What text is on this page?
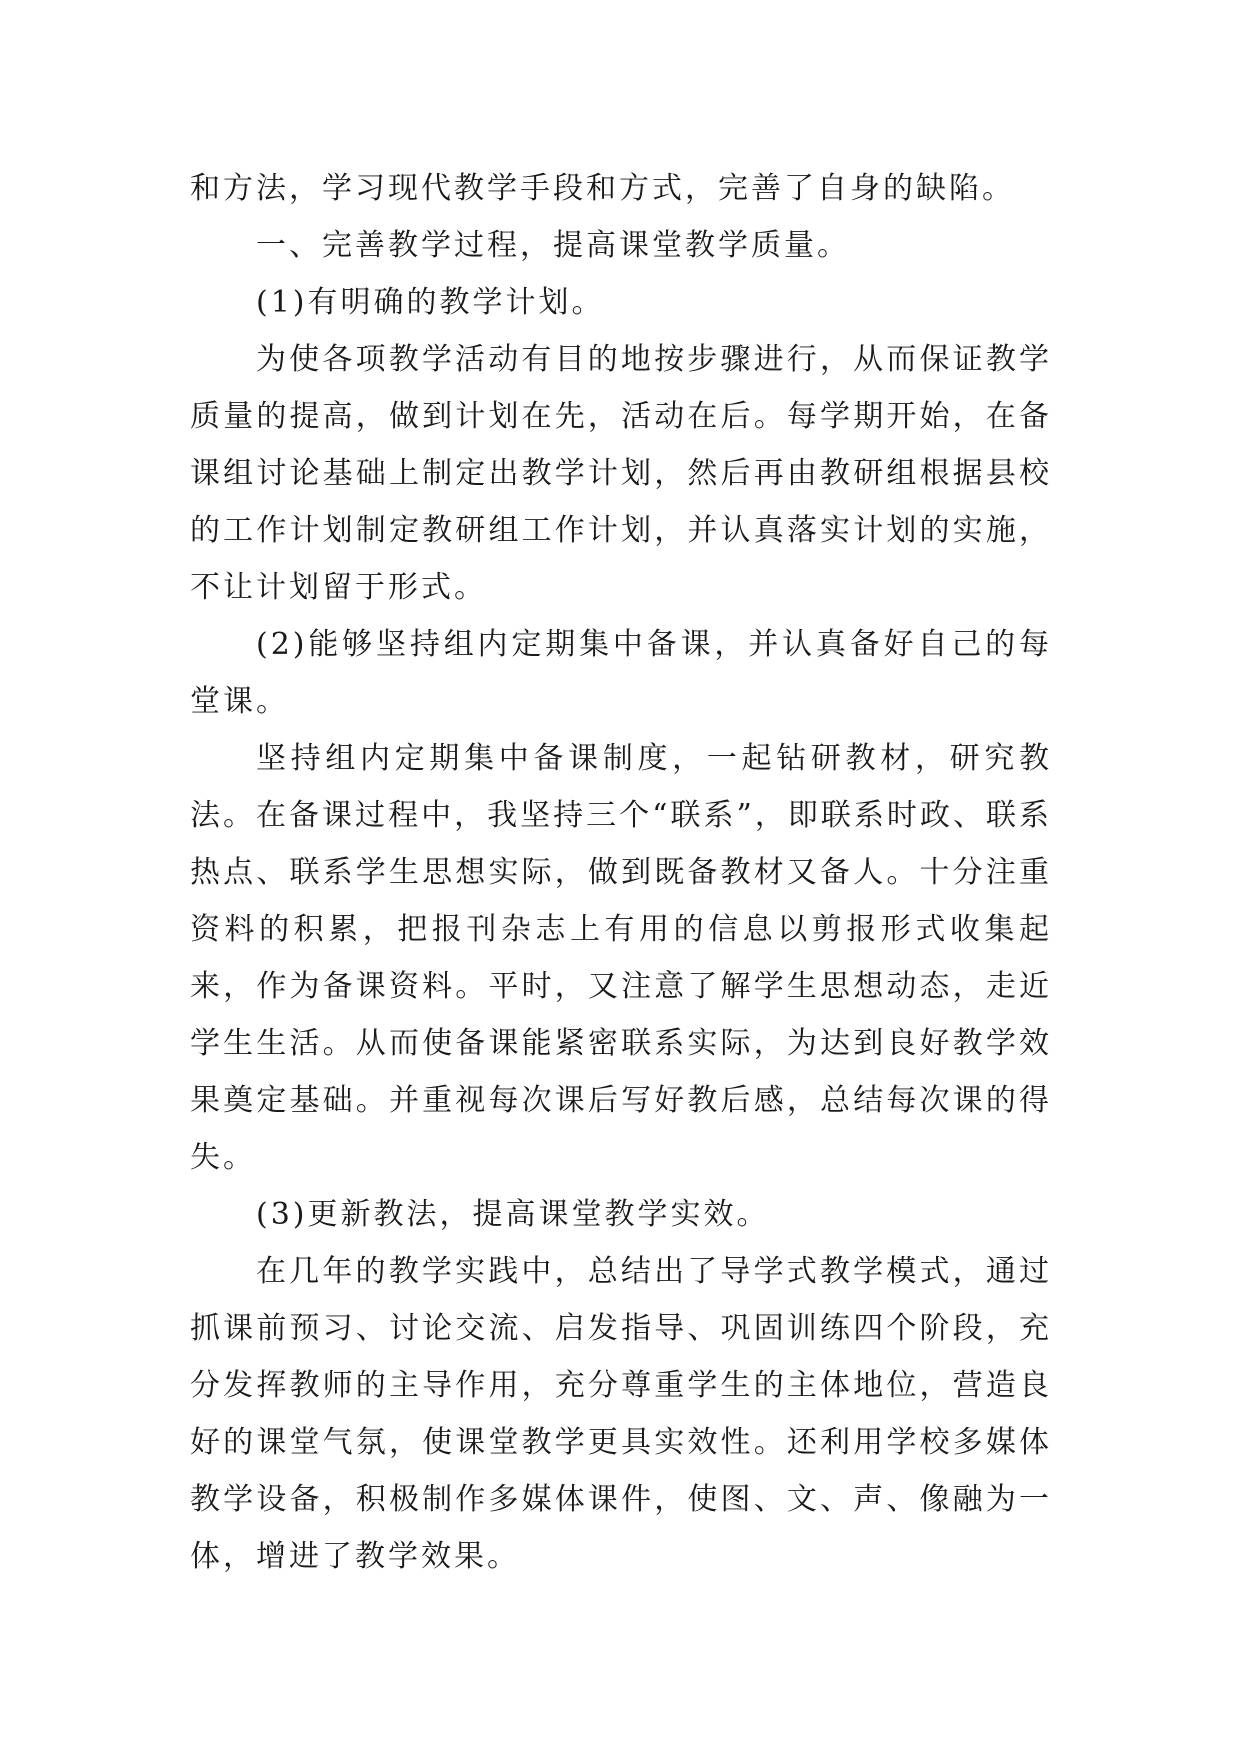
和方法，学习现代教学手段和方式，完善了自身的缺陷。

一、完善教学过程，提高课堂教学质量。

(1)有明确的教学计划。

为使各项教学活动有目的地按步骤进行，从而保证教学质量的提高，做到计划在先，活动在后。每学期开始，在备课组讨论基础上制定出教学计划，然后再由教研组根据县校的工作计划制定教研组工作计划，并认真落实计划的实施，不让计划留于形式。

(2)能够坚持组内定期集中备课，并认真备好自己的每堂课。

坚持组内定期集中备课制度，一起钻研教材，研究教法。在备课过程中，我坚持三个“联系”，即联系时政、联系热点、联系学生思想实际，做到既备教材又备人。十分注重资料的积累，把报刊杂志上有用的信息以剪报形式收集起来，作为备课资料。平时，又注意了解学生思想动态，走近学生生活。从而使备课能紧密联系实际，为达到良好教学效果奠定基础。并重视每次课后写好教后感，总结每次课的得失。

(3)更新教法，提高课堂教学实效。

在几年的教学实践中，总结出了导学式教学模式，通过抓课前预习、讨论交流、启发指导、巩固训练四个阶段，充分发挥教师的主导作用，充分尊重学生的主体地位，营造良好的课堂气氛，使课堂教学更具实效性。还利用学校多媒体教学设备，积极制作多媒体课件，使图、文、声、像融为一体，增进了教学效果。
